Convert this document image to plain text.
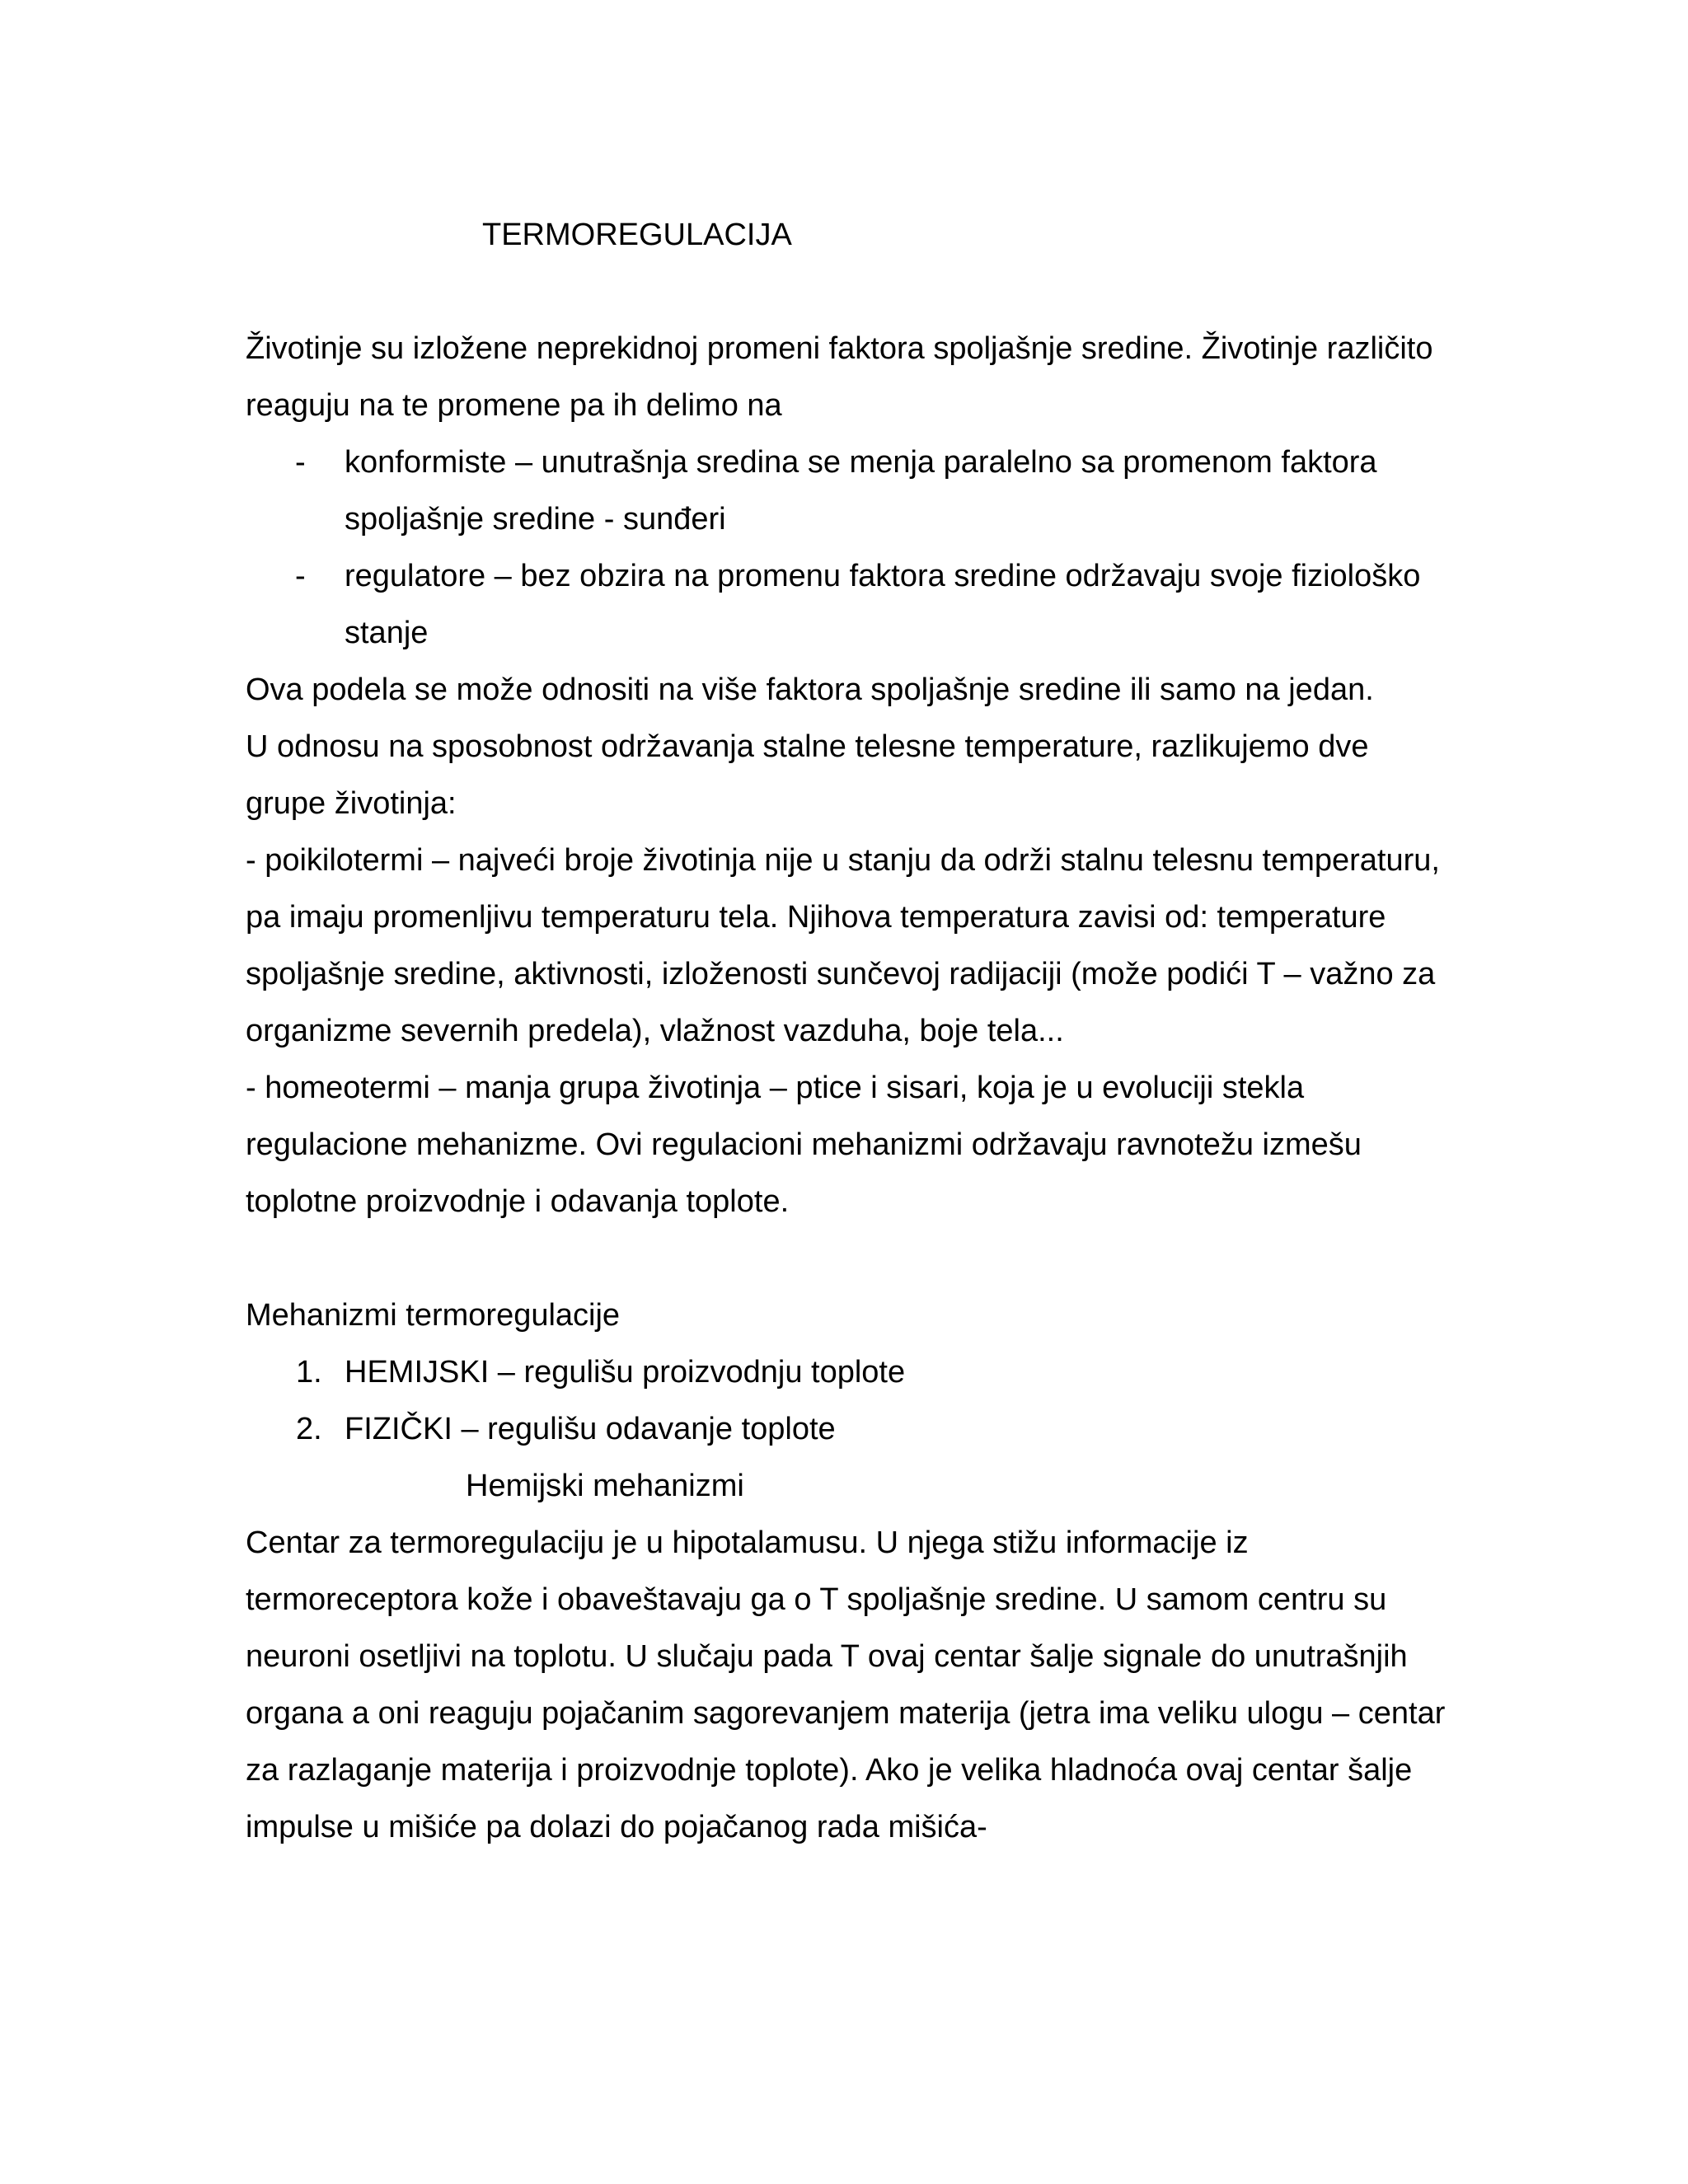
TERMOREGULACIJA

Životinje su izložene neprekidnoj promeni faktora spoljašnje sredine. Životinje različito reaguju na te promene pa ih delimo na

- konformiste – unutrašnja sredina se menja paralelno sa promenom faktora spoljašnje sredine - sunđeri
- regulatore – bez obzira na promenu faktora sredine održavaju svoje fiziološko stanje

Ova podela se može odnositi na više faktora spoljašnje sredine ili samo na jedan.

U odnosu na sposobnost održavanja stalne telesne temperature, razlikujemo dve grupe životinja:

- poikilotermi – najveći broje životinja nije u stanju da održi stalnu telesnu temperaturu, pa imaju promenljivu temperaturu tela. Njihova temperatura zavisi od: temperature spoljašnje sredine, aktivnosti, izloženosti sunčevoj radijaciji (može podići T – važno za organizme severnih predela), vlažnost vazduha, boje tela...

- homeotermi – manja grupa životinja – ptice i sisari, koja je u evoluciji stekla regulacione mehanizme. Ovi regulacioni mehanizmi održavaju ravnotežu izmešu toplotne proizvodnje i odavanja toplote.

Mehanizmi termoregulacije

1. HEMIJSKI – regulišu proizvodnju toplote
2. FIZIČKI – regulišu odavanje toplote

Hemijski mehanizmi

Centar za termoregulaciju je u hipotalamusu. U njega stižu informacije iz termoreceptora kože i obaveštavaju ga o T spoljašnje sredine. U samom centru su neuroni osetljivi na toplotu. U slučaju pada T ovaj centar šalje signale do unutrašnjih organa a oni reaguju pojačanim sagorevanjem materija (jetra ima veliku ulogu – centar za razlaganje materija i proizvodnje toplote). Ako je velika hladnoća ovaj centar šalje impulse u mišiće pa dolazi do pojačanog rada mišića-
